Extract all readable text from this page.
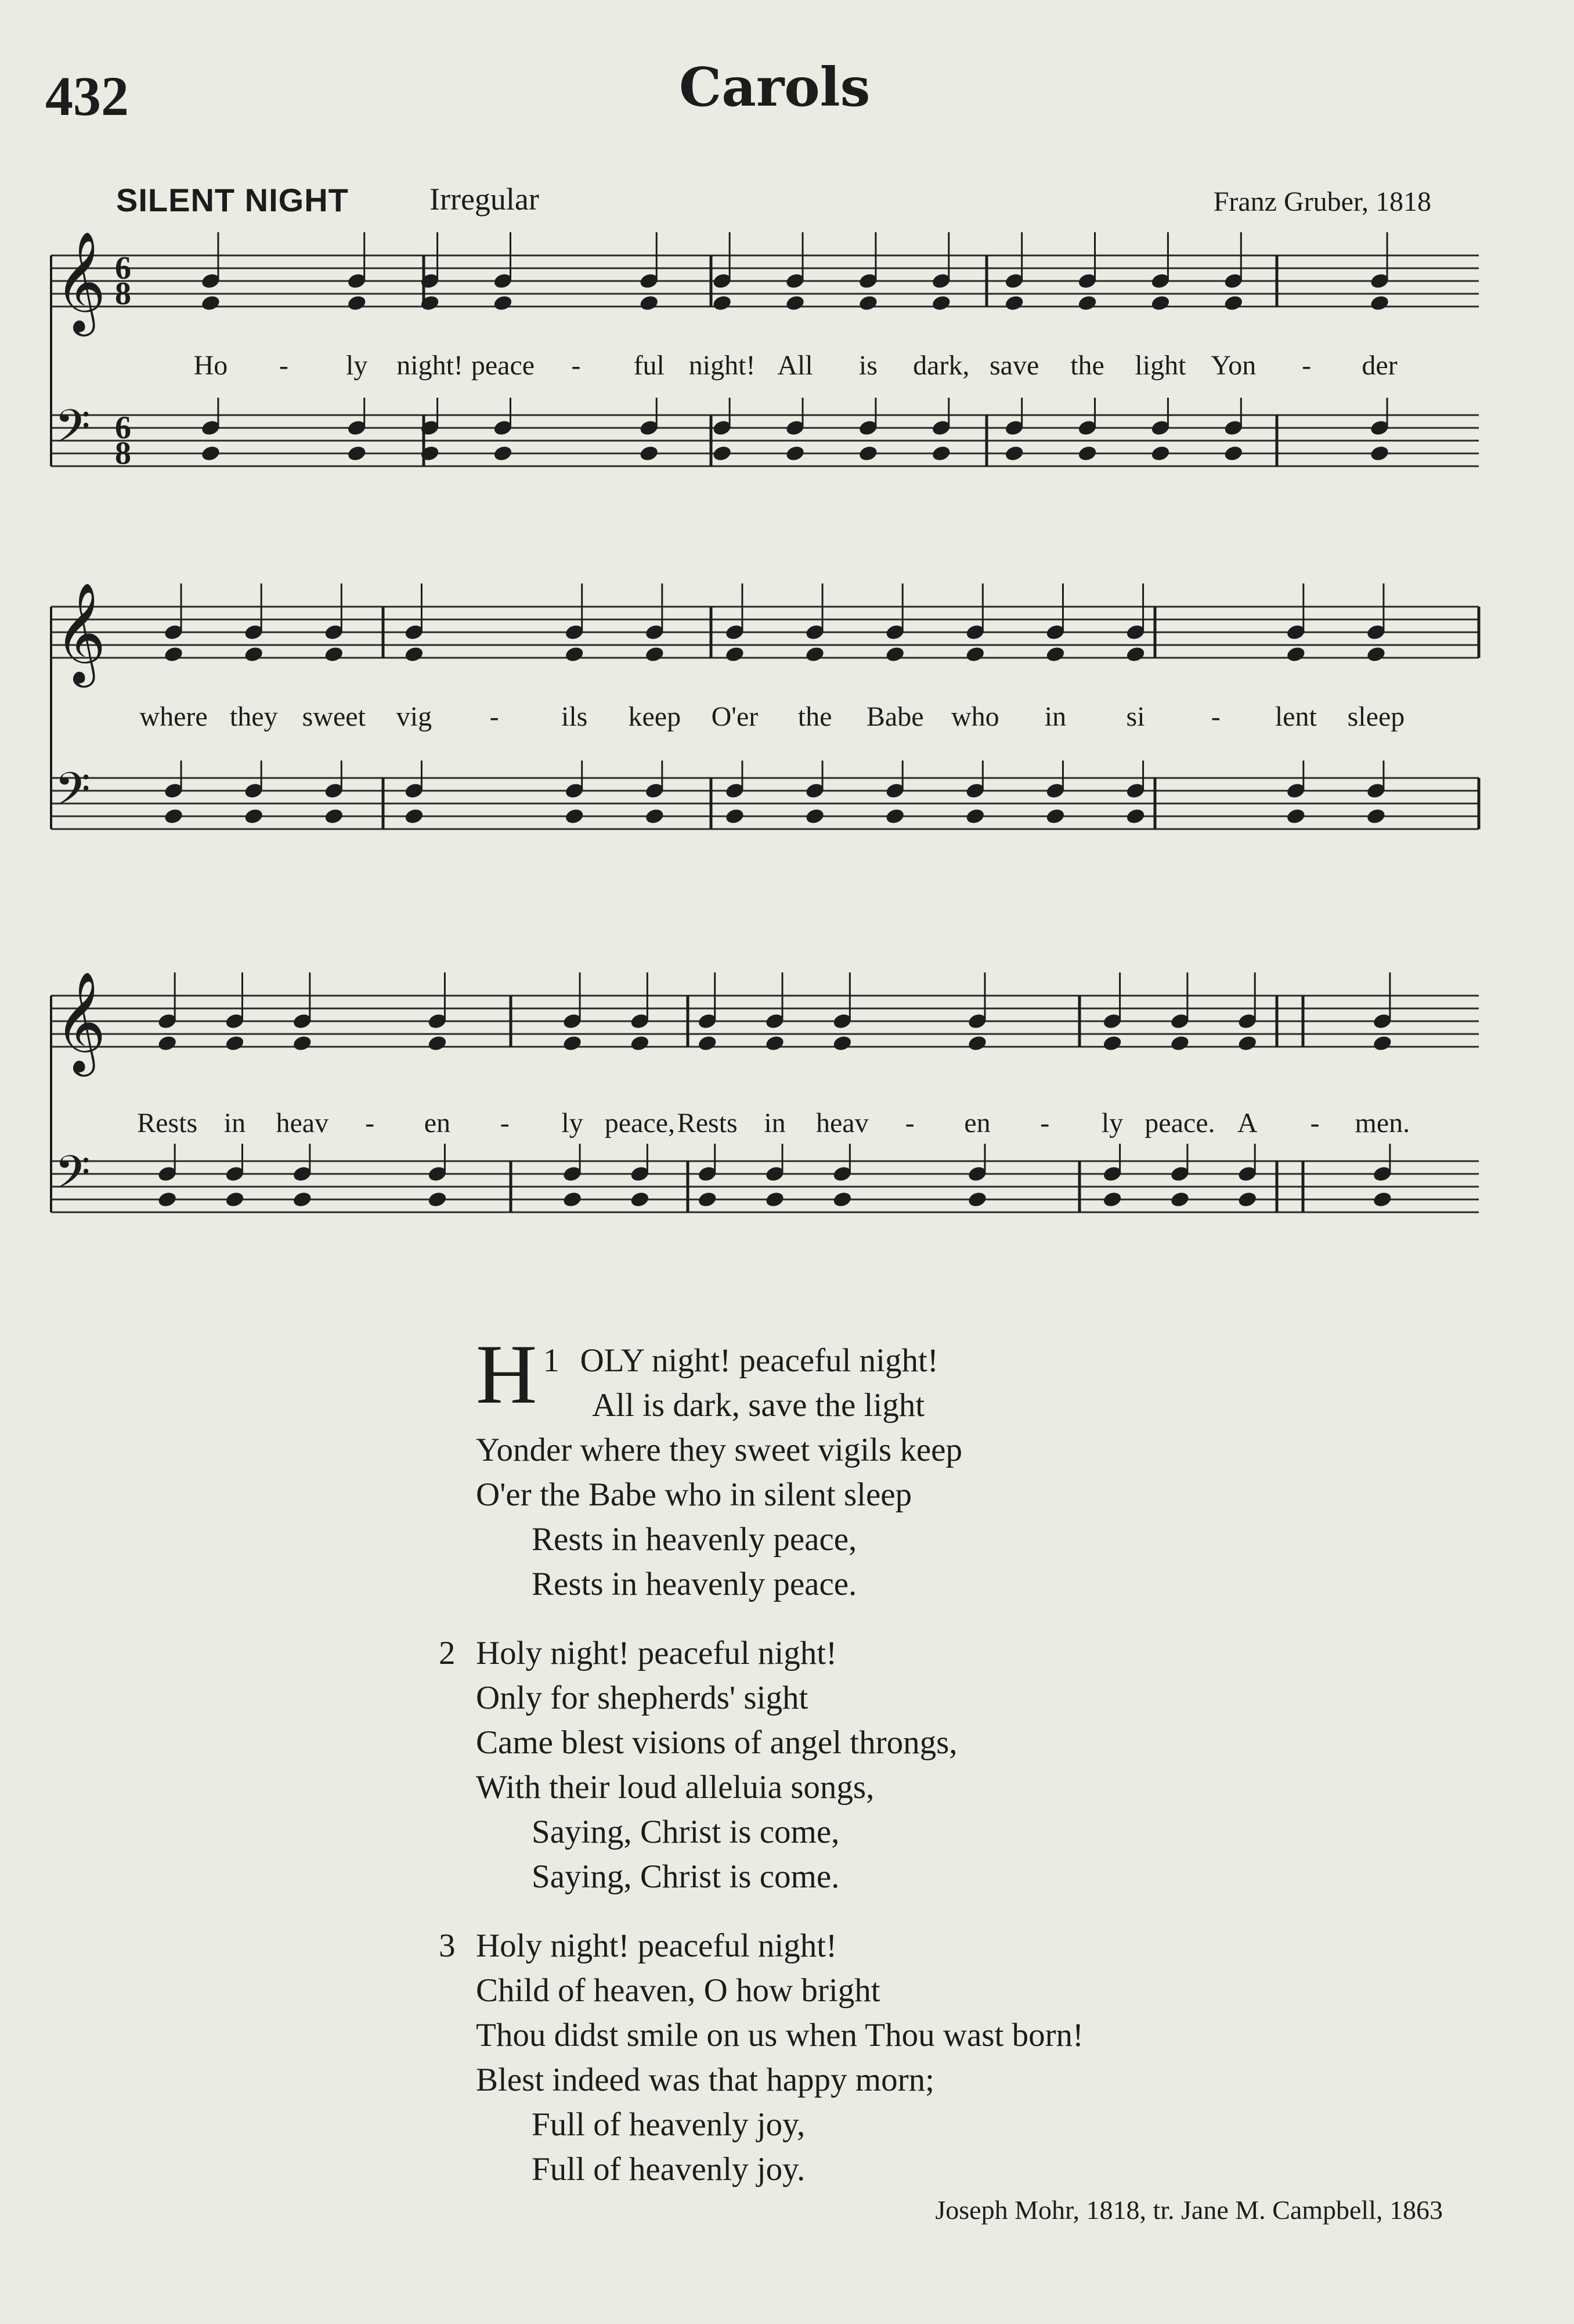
432	Carols
SILENT NIGHT	Irregular	Franz Gruber, 1818
𝄞 6
8
𝄢 6
8
Ho - ly night! peace - ful night! All is dark, save the light Yon - der
𝄞
𝄢
where they sweet vig - ils keep O'er the Babe who in si - lent sleep
𝄞
𝄢
Rests in heav - en - ly peace, Rests in heav - en - ly peace. A - men.
1
H OLY night! peaceful night!
All is dark, save the light
Yonder where they sweet vigils keep
O'er the Babe who in silent sleep
Rests in heavenly peace,
Rests in heavenly peace.
2 Holy night! peaceful night!
Only for shepherds' sight
Came blest visions of angel throngs,
With their loud alleluia songs,
Saying, Christ is come,
Saying, Christ is come.
3 Holy night! peaceful night!
Child of heaven, O how bright
Thou didst smile on us when Thou wast born!
Blest indeed was that happy morn;
Full of heavenly joy,
Full of heavenly joy.
Joseph Mohr, 1818, tr. Jane M. Campbell, 1863
